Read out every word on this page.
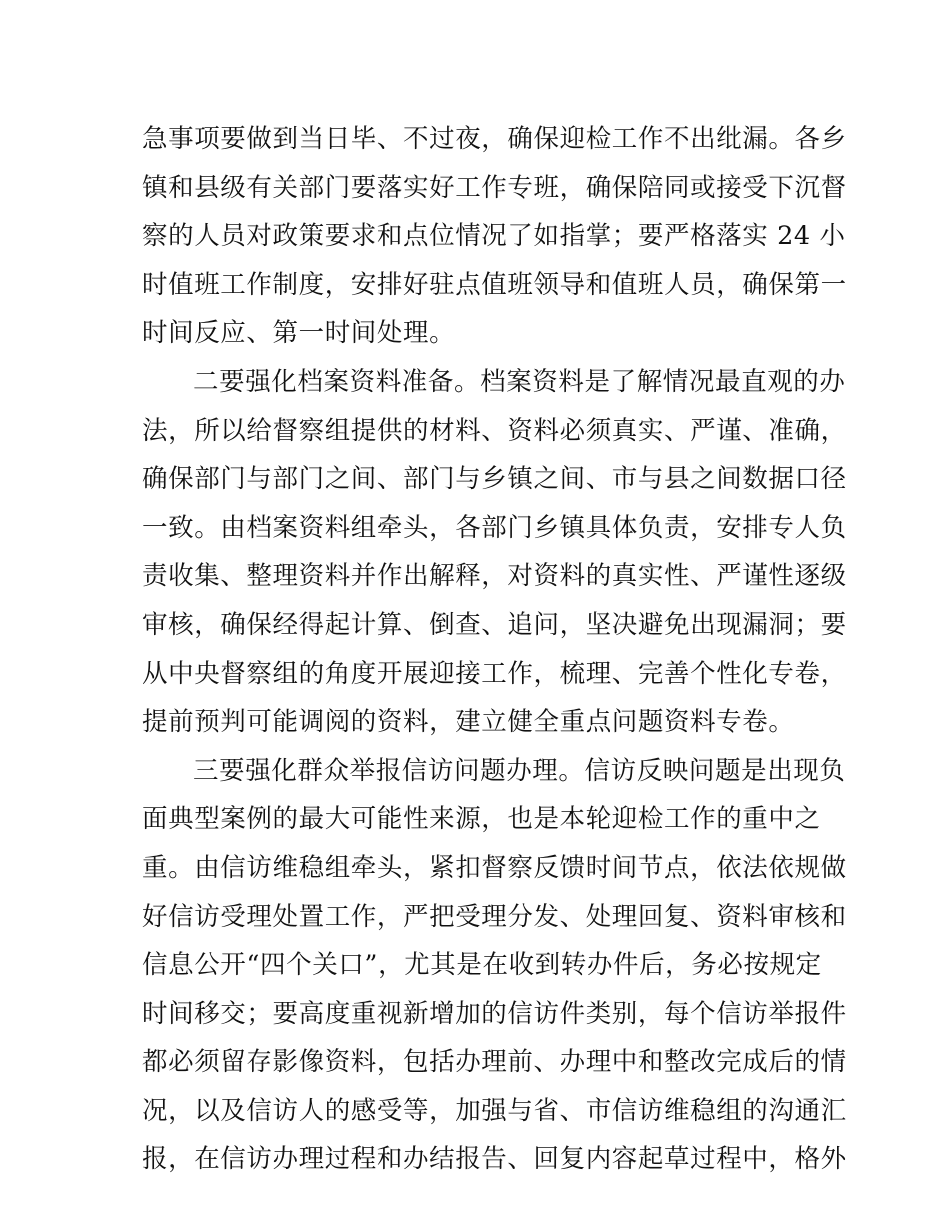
急事项要做到当日毕、不过夜，确保迎检工作不出纰漏。各乡
镇和县级有关部门要落实好工作专班，确保陪同或接受下沉督
察的人员对政策要求和点位情况了如指掌；要严格落实 24 小
时值班工作制度，安排好驻点值班领导和值班人员，确保第一
时间反应、第一时间处理。
二要强化档案资料准备。档案资料是了解情况最直观的办
法，所以给督察组提供的材料、资料必须真实、严谨、准确，
确保部门与部门之间、部门与乡镇之间、市与县之间数据口径
一致。由档案资料组牵头，各部门乡镇具体负责，安排专人负
责收集、整理资料并作出解释，对资料的真实性、严谨性逐级
审核，确保经得起计算、倒查、追问，坚决避免出现漏洞；要
从中央督察组的角度开展迎接工作，梳理、完善个性化专卷，
提前预判可能调阅的资料，建立健全重点问题资料专卷。
三要强化群众举报信访问题办理。信访反映问题是出现负
面典型案例的最大可能性来源，也是本轮迎检工作的重中之
重。由信访维稳组牵头，紧扣督察反馈时间节点，依法依规做
好信访受理处置工作，严把受理分发、处理回复、资料审核和
信息公开“四个关口”，尤其是在收到转办件后，务必按规定
时间移交；要高度重视新增加的信访件类别，每个信访举报件
都必须留存影像资料，包括办理前、办理中和整改完成后的情
况，以及信访人的感受等，加强与省、市信访维稳组的沟通汇
报，在信访办理过程和办结报告、回复内容起草过程中，格外
